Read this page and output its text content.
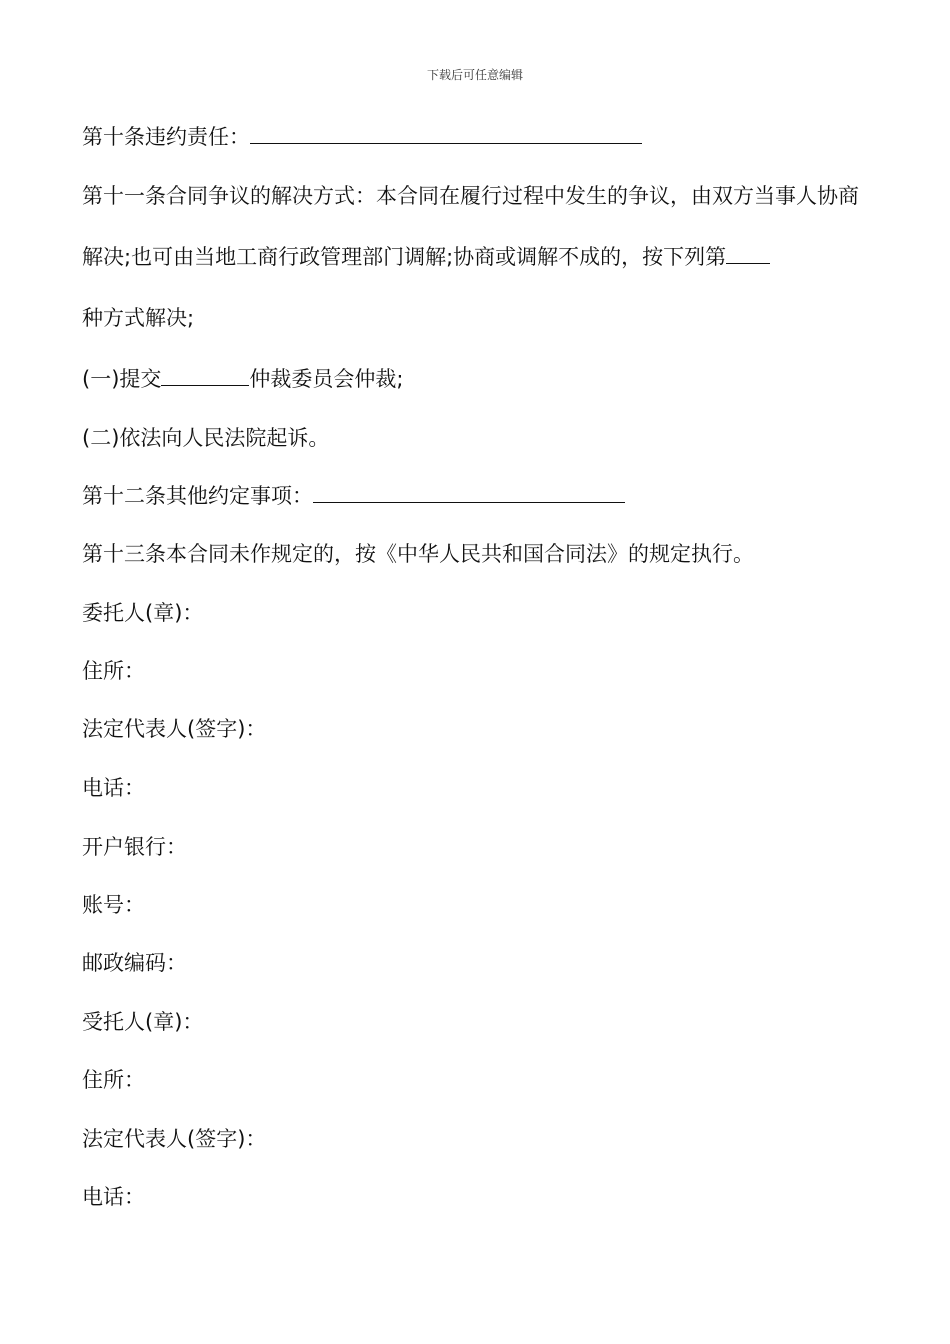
下载后可任意编辑
第十条违约责任：
第十一条合同争议的解决方式：本合同在履行过程中发生的争议，由双方当事人协商解决;也可由当地工商行政管理部门调解;协商或调解不成的，按下列第
种方式解决;
(一)提交	仲裁委员会仲裁;
(二)依法向人民法院起诉。
第十二条其他约定事项：
第十三条本合同未作规定的，按《中华人民共和国合同法》的规定执行。
委托人(章)：
住所：
法定代表人(签字)：
电话：
开户银行：
账号：
邮政编码：
受托人(章)：
住所：
法定代表人(签字)：
电话：
